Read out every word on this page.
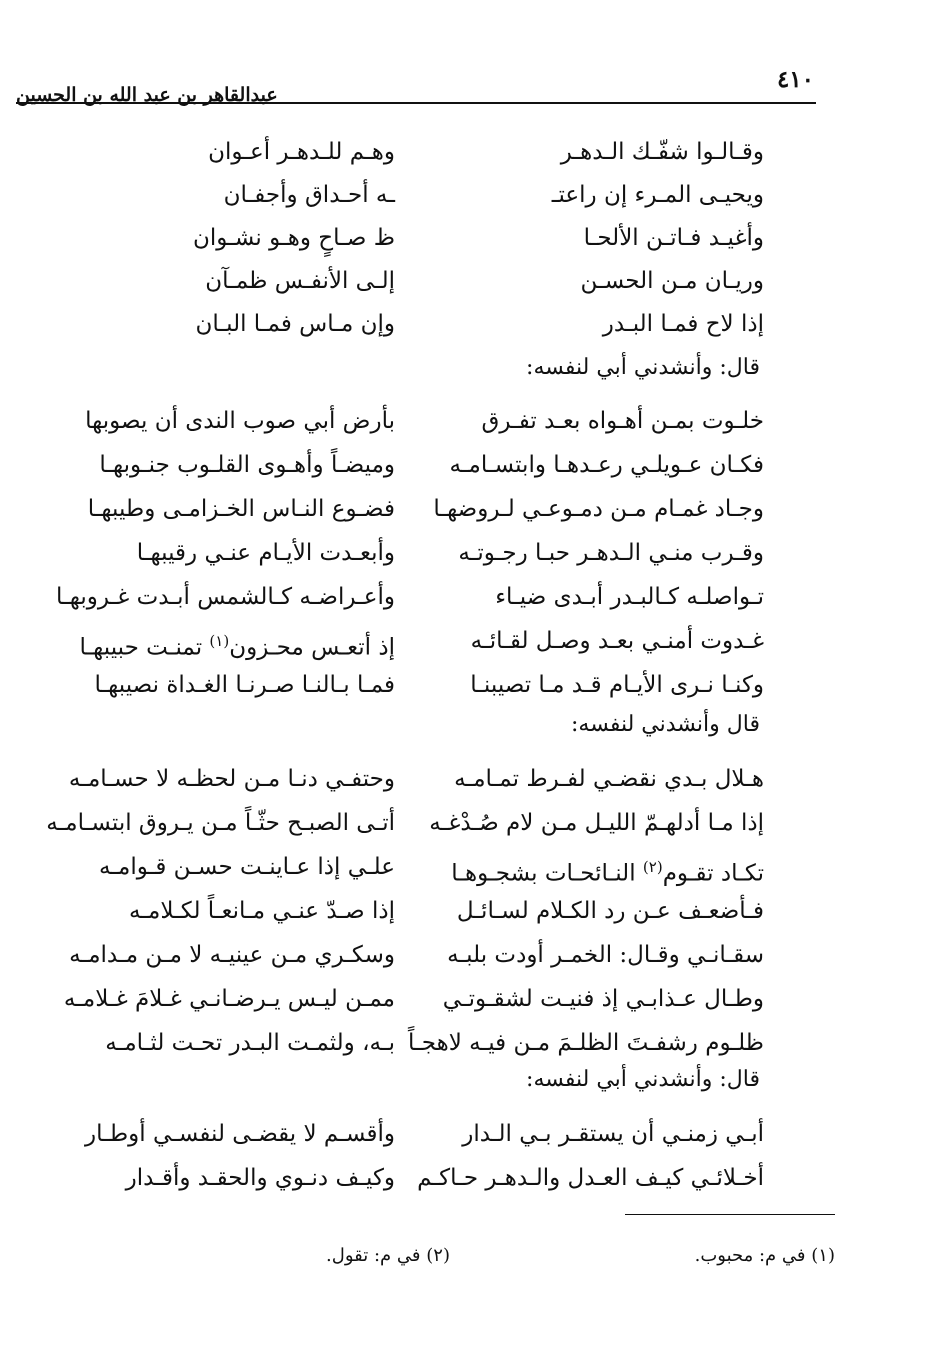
٤١٠
عبدالقاهر بن عبد الله بن الحسين
وقـالـوا شفّـك الـدهـر
وهـم للـدهـر أعـوان
ويحيـى المـرء إن راعتـ
ـه أحـداق وأجفـان
وأغيـد فـاتـن الألحـا
ظ صـاحٍ وهـو نشـوان
وريـان مـن الحسـن
إلـى الأنفـس ظمـآن
إذا لاح فمـا البـدر
وإن مـاس فمـا البـان
قال: وأنشدني أبي لنفسه:
خلـوت بمـن أهـواه بعـد تفـرق
بأرض أبي صوب الندى أن يصوبها
فكـان عـويلـي رعـدهـا وابتسـامـه
وميضـاً وأهـوى القلـوب جنـوبهـا
وجـاد غمـام مـن دمـوعـي لـروضهـا
فضـوع النـاس الخـزامـى وطيبهـا
وقـرب منـي الـدهـر حبـا رجـوتـه
وأبعـدت الأيـام عنـي رقيبهـا
تـواصلـه كـالبـدر أبـدى ضيـاء
وأعـراضـه كـالشمس أبـدت غـروبهـا
غـدوت أمنـي بعـد وصـل لقـائـه
إذ أتعـس محـزون$^{(١)}$ تمنـت حبيبهـا
وكنـا نـرى الأيـام قـد مـا تصيبنـا
فمـا بـالنـا صـرنـا الغـداة نصيبهـا
قال وأنشدني لنفسه:
هـلال بـدي نقضـي لفـرط تمـامـه
وحتفـي دنـا مـن لحظـه لا حسـامـه
إذا مـا أدلهـمّ الليـل مـن لام صُـدْغـه
أتـى الصبـح حثّـاً مـن يـروق ابتسـامـه
تكـاد تقـوم$^{(٢)}$ النـائحـات بشجـوهـا
علـي إذا عـاينـت حسـن قـوامـه
فـأضعـف عـن رد الكـلام لسـائـل
إذا صـدّ عنـي مـانعـاً لكـلامـه
سقـانـي وقـال: الخمـر أودت بلبـه
وسكـري مـن عينيـه لا مـن مـدامـه
وطـال عـذابـي إذ فنيـت لشقـوتـي
ممـن ليـس يـرضـانـي غـلامَ غـلامـه
ظلـوم رشفـتَ الظلـمَ مـن فيـه لاهجـاً
بـه، ولثمـت البـدر تحـت لثـامـه
قال: وأنشدني أبي لنفسه:
أبـي زمنـي أن يستقـر بـي الـدار
وأقسـم لا يقضـى لنفسـي أوطـار
أخـلائـي كيـف العـدل والـدهـر حـاكـم
وكيـف دنـوي والحقـد وأقـدار
(١) في م: محبوب.
(٢) في م: تقول.
